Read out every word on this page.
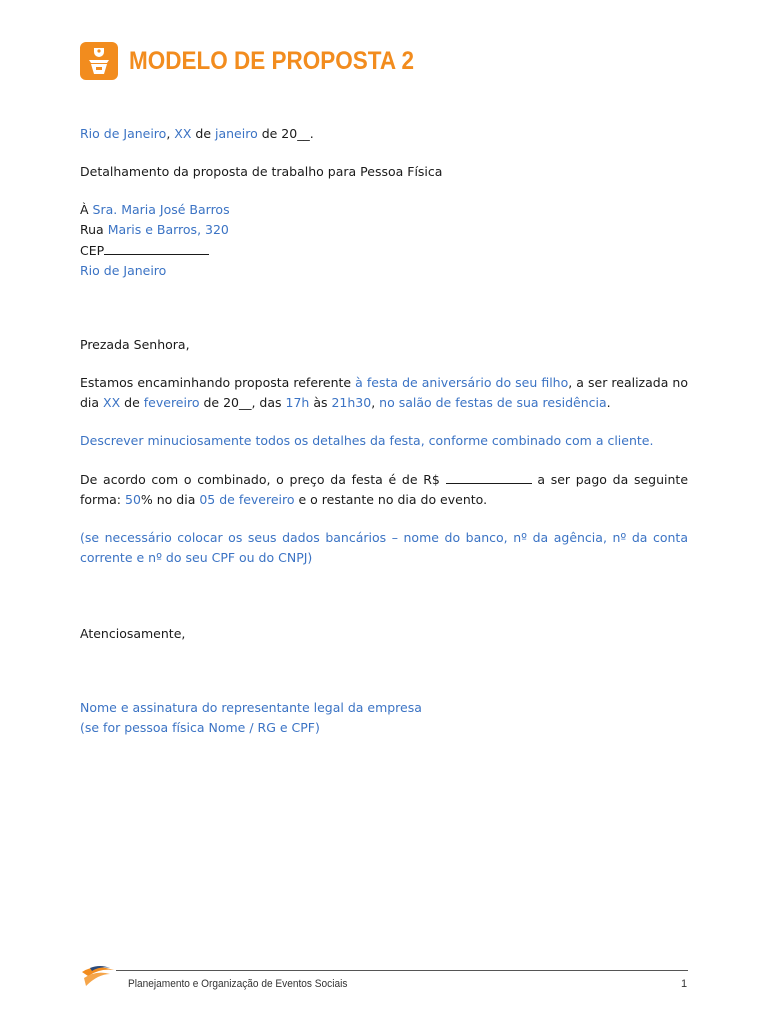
MODELO DE PROPOSTA 2

Rio de Janeiro, XX de janeiro de 20__.

Detalhamento da proposta de trabalho para Pessoa Física

À Sra. Maria José Barros

Rua Maris e Barros, 320

CEP

Rio de Janeiro

Prezada Senhora,

Estamos encaminhando proposta referente à festa de aniversário do seu filho, a ser realizada no dia XX de fevereiro de 20__, das 17h às 21h30, no salão de festas de sua residência.

Descrever minuciosamente todos os detalhes da festa, conforme combinado com a cliente.

De acordo com o combinado, o preço da festa é de R$	a ser pago da seguinte forma: 50% no dia 05 de fevereiro e o restante no dia do evento.

(se necessário colocar os seus dados bancários – nome do banco, nº da agência, nº da conta corrente e nº do seu CPF ou do CNPJ)

Atenciosamente,

Nome e assinatura do representante legal da empresa

(se for pessoa física Nome / RG e CPF)

Planejamento e Organização de Eventos Sociais	1
